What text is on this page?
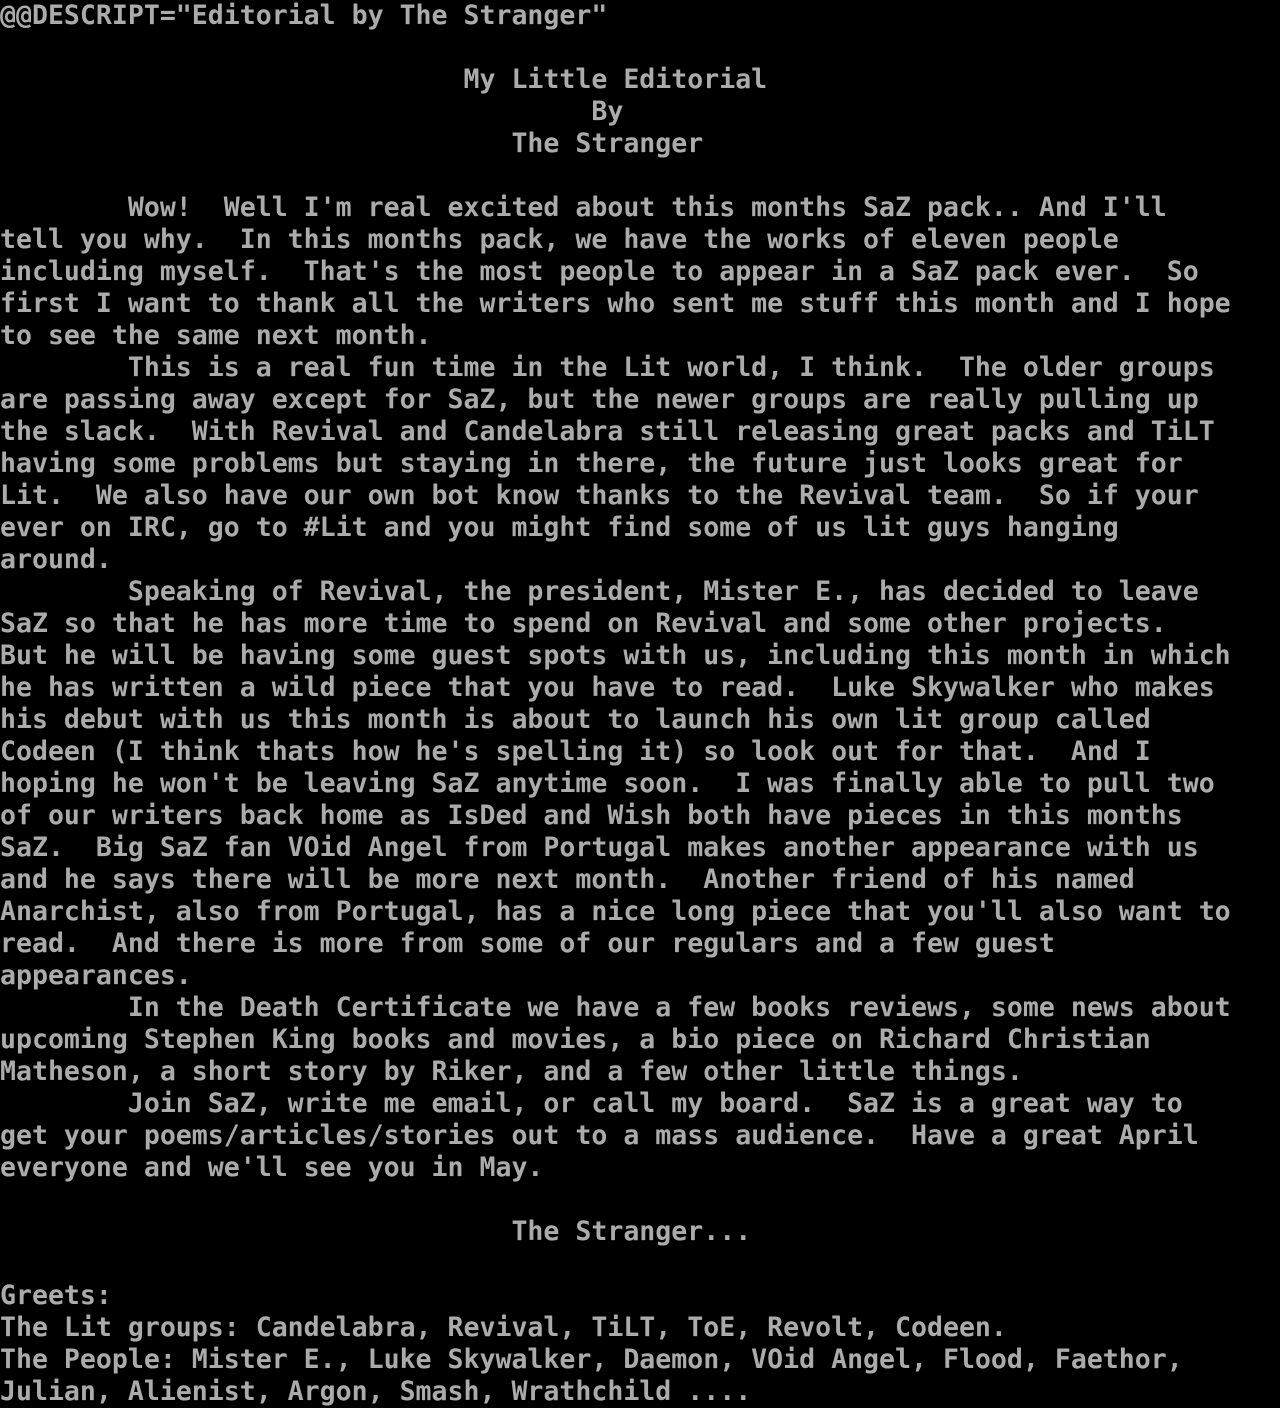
@@DESCRIPT="Editorial by The Stranger"
My Little Editorial
By
The Stranger
Wow!  Well I'm real excited about this months SaZ pack.. And I'll
tell you why.  In this months pack, we have the works of eleven people
including myself.  That's the most people to appear in a SaZ pack ever.  So
first I want to thank all the writers who sent me stuff this month and I hope
to see the same next month.
This is a real fun time in the Lit world, I think.  The older groups
are passing away except for SaZ, but the newer groups are really pulling up
the slack.  With Revival and Candelabra still releasing great packs and TiLT
having some problems but staying in there, the future just looks great for
Lit.  We also have our own bot know thanks to the Revival team.  So if your
ever on IRC, go to #Lit and you might find some of us lit guys hanging
around.
Speaking of Revival, the president, Mister E., has decided to leave
SaZ so that he has more time to spend on Revival and some other projects.
But he will be having some guest spots with us, including this month in which
he has written a wild piece that you have to read.  Luke Skywalker who makes
his debut with us this month is about to launch his own lit group called
Codeen (I think thats how he's spelling it) so look out for that.  And I
hoping he won't be leaving SaZ anytime soon.  I was finally able to pull two
of our writers back home as IsDed and Wish both have pieces in this months
SaZ.  Big SaZ fan VOid Angel from Portugal makes another appearance with us
and he says there will be more next month.  Another friend of his named
Anarchist, also from Portugal, has a nice long piece that you'll also want to
read.  And there is more from some of our regulars and a few guest
appearances.
In the Death Certificate we have a few books reviews, some news about
upcoming Stephen King books and movies, a bio piece on Richard Christian
Matheson, a short story by Riker, and a few other little things.
Join SaZ, write me email, or call my board.  SaZ is a great way to
get your poems/articles/stories out to a mass audience.  Have a great April
everyone and we'll see you in May.
The Stranger...
Greets:
The Lit groups: Candelabra, Revival, TiLT, ToE, Revolt, Codeen.
The People: Mister E., Luke Skywalker, Daemon, VOid Angel, Flood, Faethor,
Julian, Alienist, Argon, Smash, Wrathchild ....
